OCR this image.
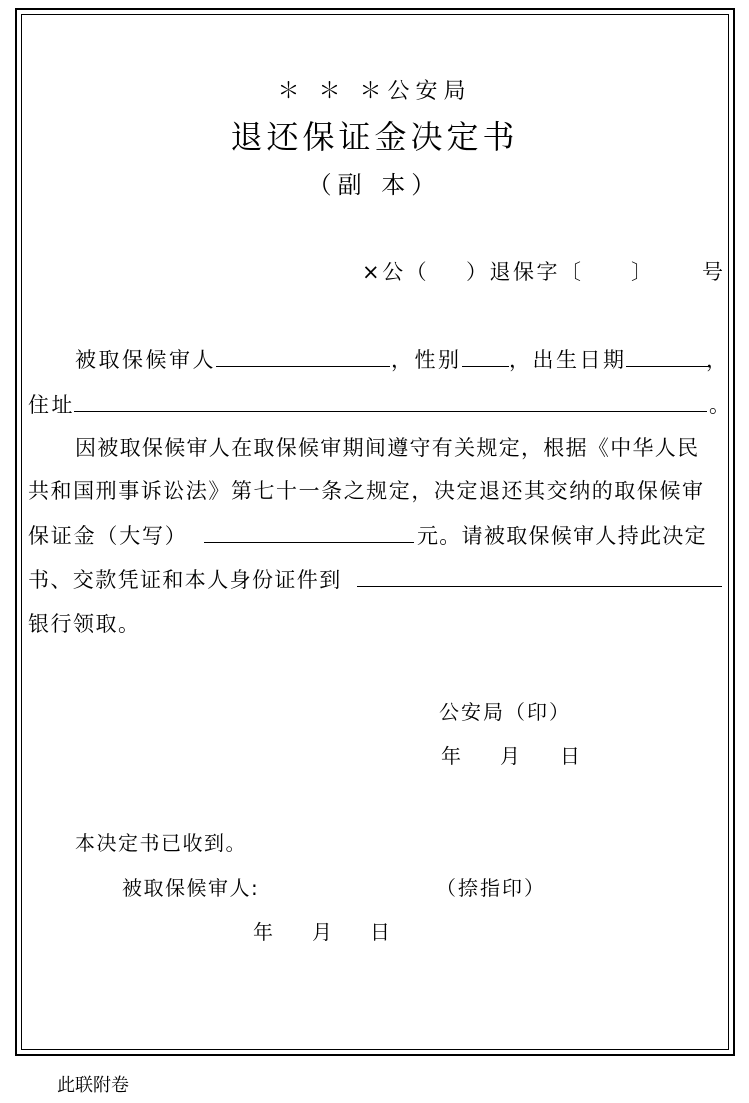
＊ ＊ ＊公安局
退还保证金决定书
（副 本）
×公（ ）退保字〔 〕 号
被取保候审人	，性别 ，出生日期	，
住址	。
因被取保候审人在取保候审期间遵守有关规定，根据《中华人民
共和国刑事诉讼法》第七十一条之规定，决定退还其交纳的取保候审
保证金（大写）	元。请被取保候审人持此决定
书、交款凭证和本人身份证件到
银行领取。
公安局（印）
年 月 日
本决定书已收到。
被取保候审人:	（捺指印）
年 月 日
此联附卷
